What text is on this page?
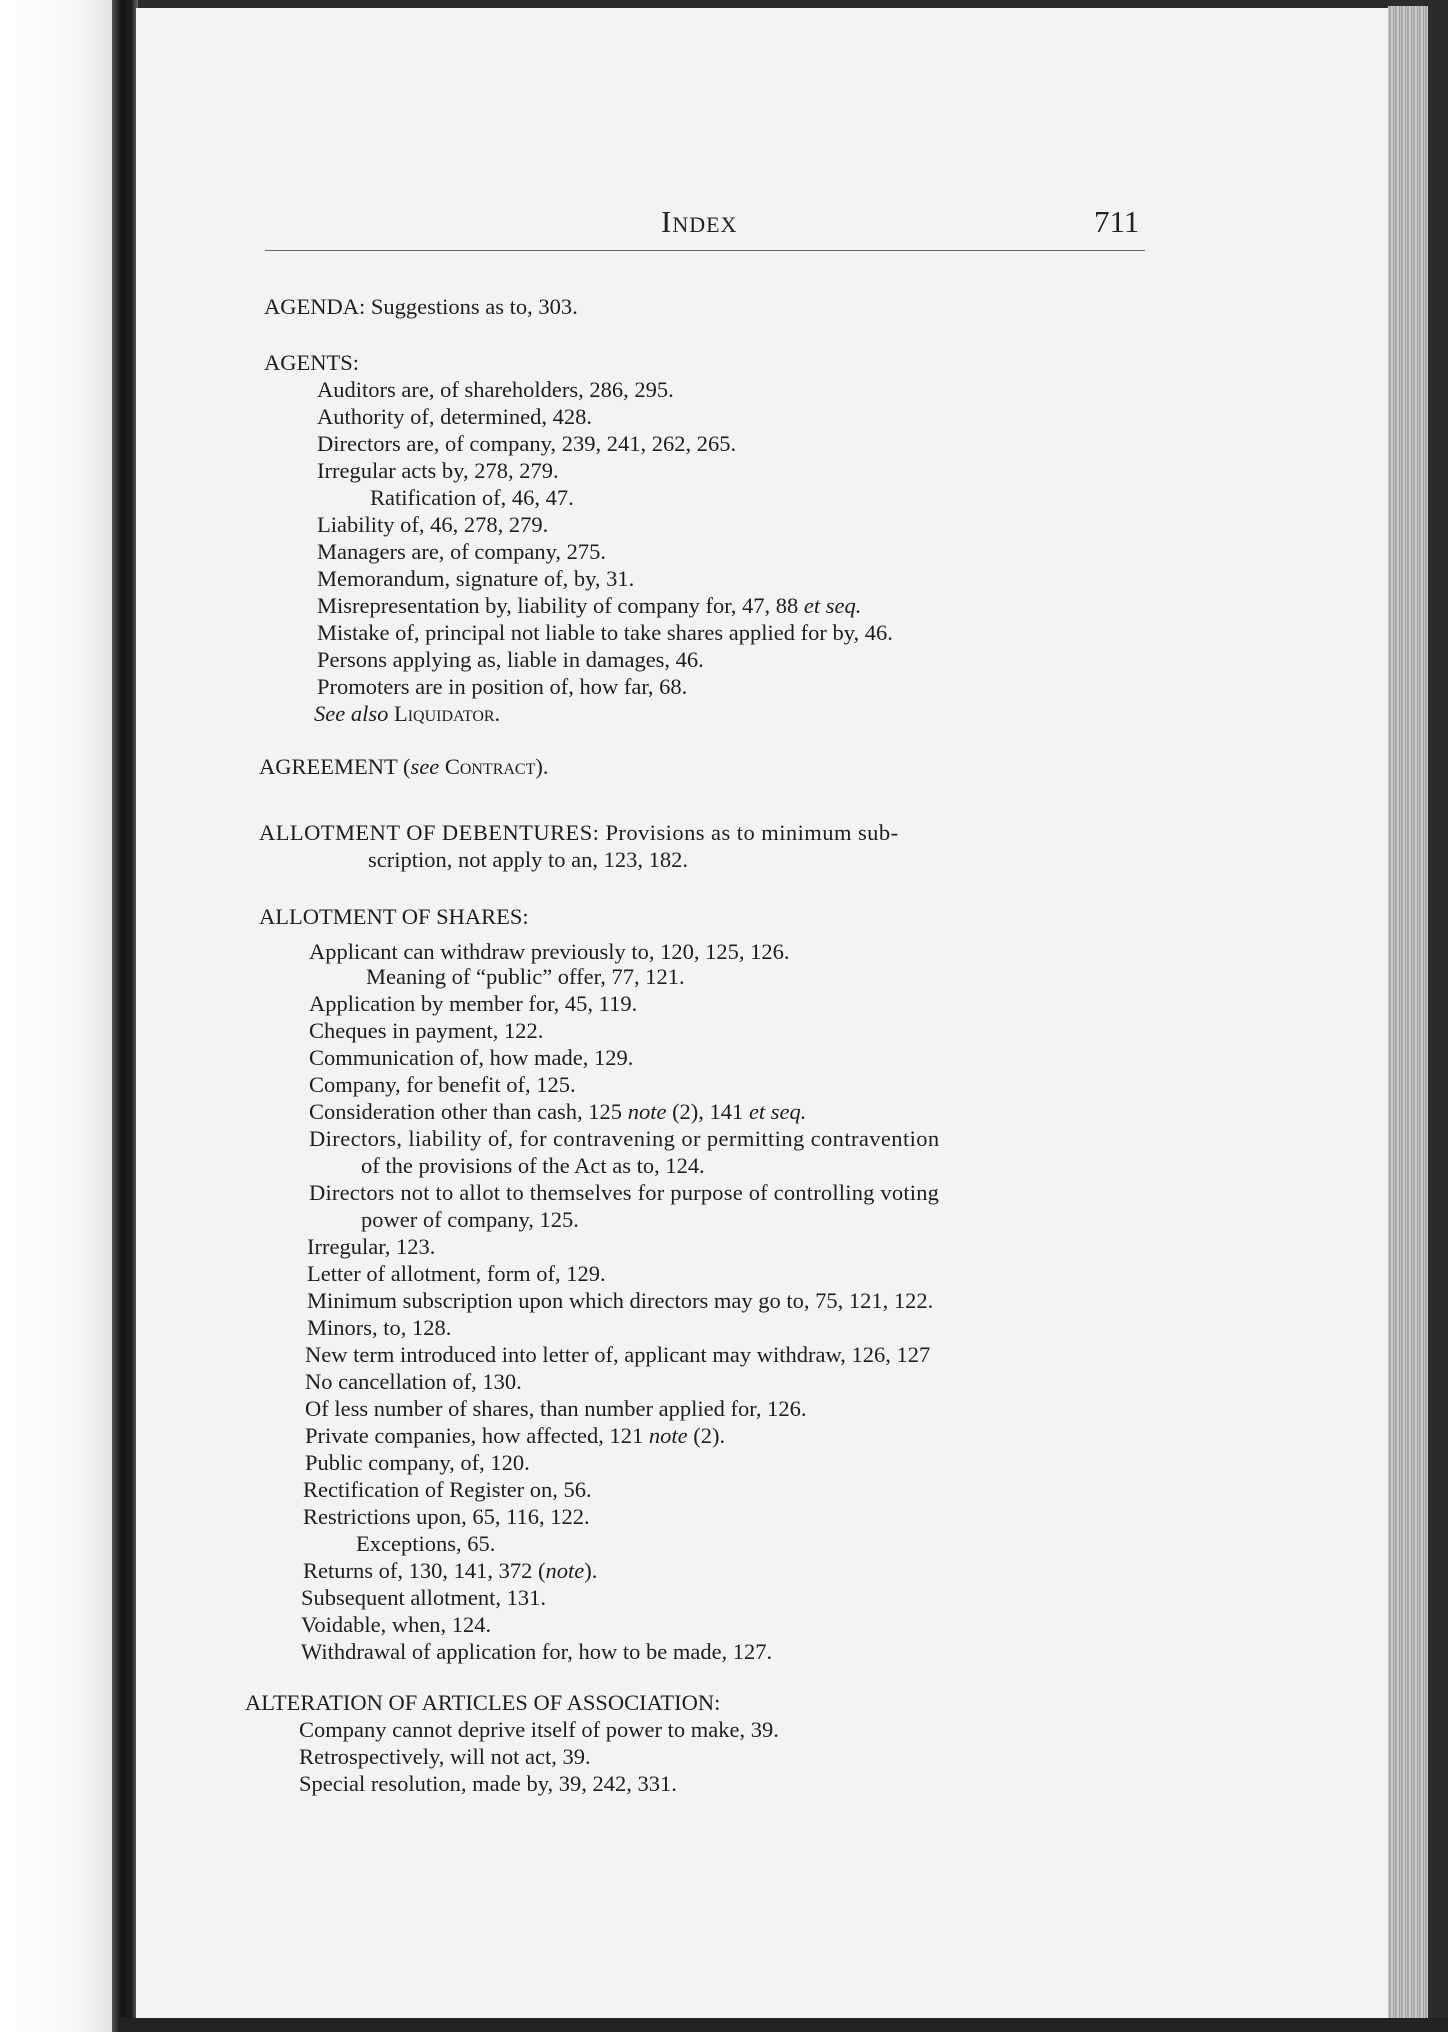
Index	711
AGENDA: Suggestions as to, 303.
AGENTS:
Auditors are, of shareholders, 286, 295.
Authority of, determined, 428.
Directors are, of company, 239, 241, 262, 265.
Irregular acts by, 278, 279.
Ratification of, 46, 47.
Liability of, 46, 278, 279.
Managers are, of company, 275.
Memorandum, signature of, by, 31.
Misrepresentation by, liability of company for, 47, 88 et seq.
Mistake of, principal not liable to take shares applied for by, 46.
Persons applying as, liable in damages, 46.
Promoters are in position of, how far, 68.
See also Liquidator.
AGREEMENT (see Contract).
ALLOTMENT OF DEBENTURES: Provisions as to minimum sub-
scription, not apply to an, 123, 182.
ALLOTMENT OF SHARES:
Applicant can withdraw previously to, 120, 125, 126.
Meaning of “public” offer, 77, 121.
Application by member for, 45, 119.
Cheques in payment, 122.
Communication of, how made, 129.
Company, for benefit of, 125.
Consideration other than cash, 125 note (2), 141 et seq.
Directors, liability of, for contravening or permitting contravention
of the provisions of the Act as to, 124.
Directors not to allot to themselves for purpose of controlling voting
power of company, 125.
Irregular, 123.
Letter of allotment, form of, 129.
Minimum subscription upon which directors may go to, 75, 121, 122.
Minors, to, 128.
New term introduced into letter of, applicant may withdraw, 126, 127
No cancellation of, 130.
Of less number of shares, than number applied for, 126.
Private companies, how affected, 121 note (2).
Public company, of, 120.
Rectification of Register on, 56.
Restrictions upon, 65, 116, 122.
Exceptions, 65.
Returns of, 130, 141, 372 (note).
Subsequent allotment, 131.
Voidable, when, 124.
Withdrawal of application for, how to be made, 127.
ALTERATION OF ARTICLES OF ASSOCIATION:
Company cannot deprive itself of power to make, 39.
Retrospectively, will not act, 39.
Special resolution, made by, 39, 242, 331.
